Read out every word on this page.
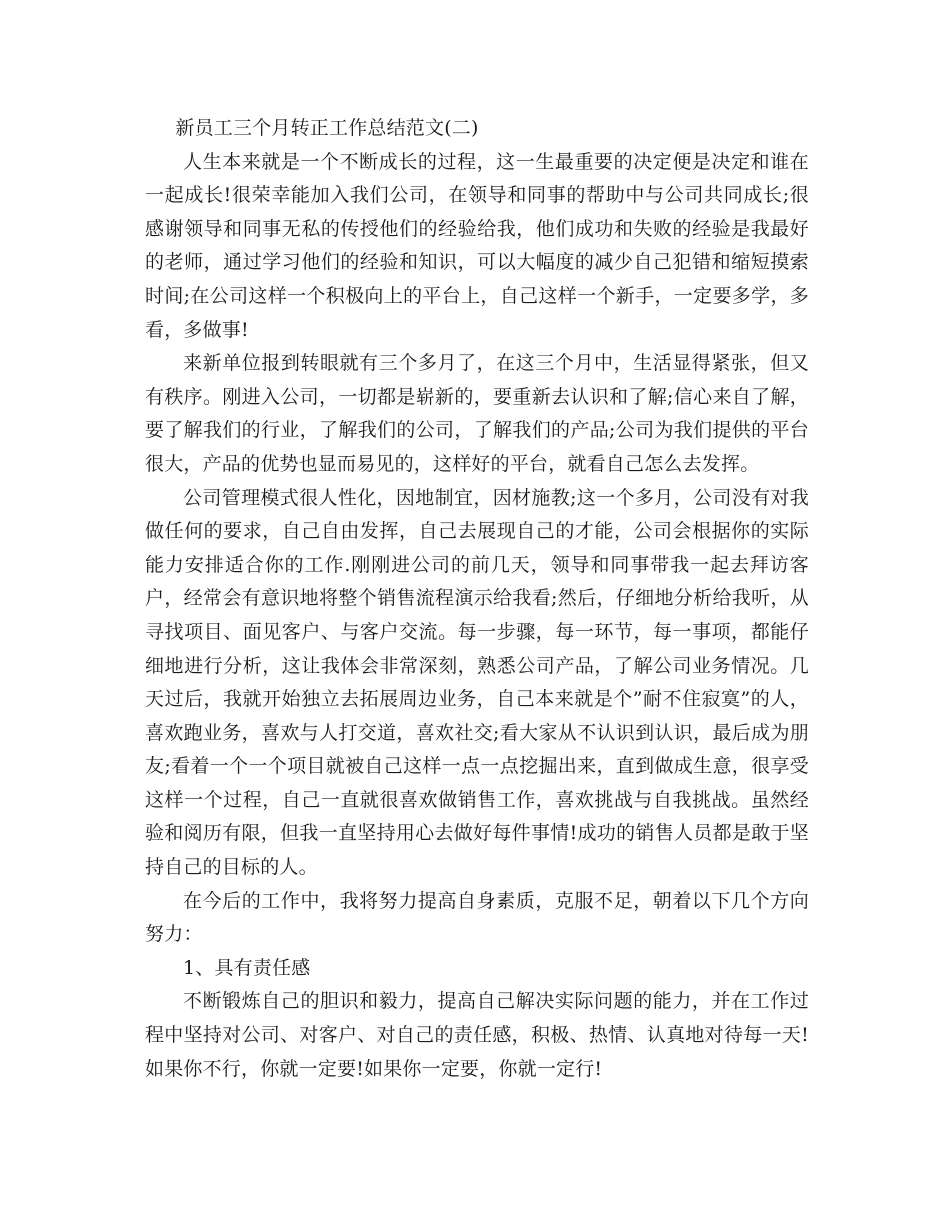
新员工三个月转正工作总结范文(二)

人生本来就是一个不断成长的过程，这一生最重要的决定便是决定和谁在一起成长!很荣幸能加入我们公司，在领导和同事的帮助中与公司共同成长;很感谢领导和同事无私的传授他们的经验给我，他们成功和失败的经验是我最好的老师，通过学习他们的经验和知识，可以大幅度的减少自己犯错和缩短摸索时间;在公司这样一个积极向上的平台上，自己这样一个新手，一定要多学，多看，多做事!

来新单位报到转眼就有三个多月了，在这三个月中，生活显得紧张，但又有秩序。刚进入公司，一切都是崭新的，要重新去认识和了解;信心来自了解，要了解我们的行业，了解我们的公司，了解我们的产品;公司为我们提供的平台很大，产品的优势也显而易见的，这样好的平台，就看自己怎么去发挥。

公司管理模式很人性化，因地制宜，因材施教;这一个多月，公司没有对我做任何的要求，自己自由发挥，自己去展现自己的才能，公司会根据你的实际能力安排适合你的工作.刚刚进公司的前几天，领导和同事带我一起去拜访客户，经常会有意识地将整个销售流程演示给我看;然后，仔细地分析给我听，从寻找项目、面见客户、与客户交流。每一步骤，每一环节，每一事项，都能仔细地进行分析，这让我体会非常深刻，熟悉公司产品，了解公司业务情况。几天过后，我就开始独立去拓展周边业务，自己本来就是个”耐不住寂寞”的人，喜欢跑业务，喜欢与人打交道，喜欢社交;看大家从不认识到认识，最后成为朋友;看着一个一个项目就被自己这样一点一点挖掘出来，直到做成生意，很享受这样一个过程，自己一直就很喜欢做销售工作，喜欢挑战与自我挑战。虽然经验和阅历有限，但我一直坚持用心去做好每件事情!成功的销售人员都是敢于坚持自己的目标的人。

在今后的工作中，我将努力提高自身素质，克服不足，朝着以下几个方向努力：

1、具有责任感

不断锻炼自己的胆识和毅力，提高自己解决实际问题的能力，并在工作过程中坚持对公司、对客户、对自己的责任感，积极、热情、认真地对待每一天!如果你不行，你就一定要!如果你一定要，你就一定行!
